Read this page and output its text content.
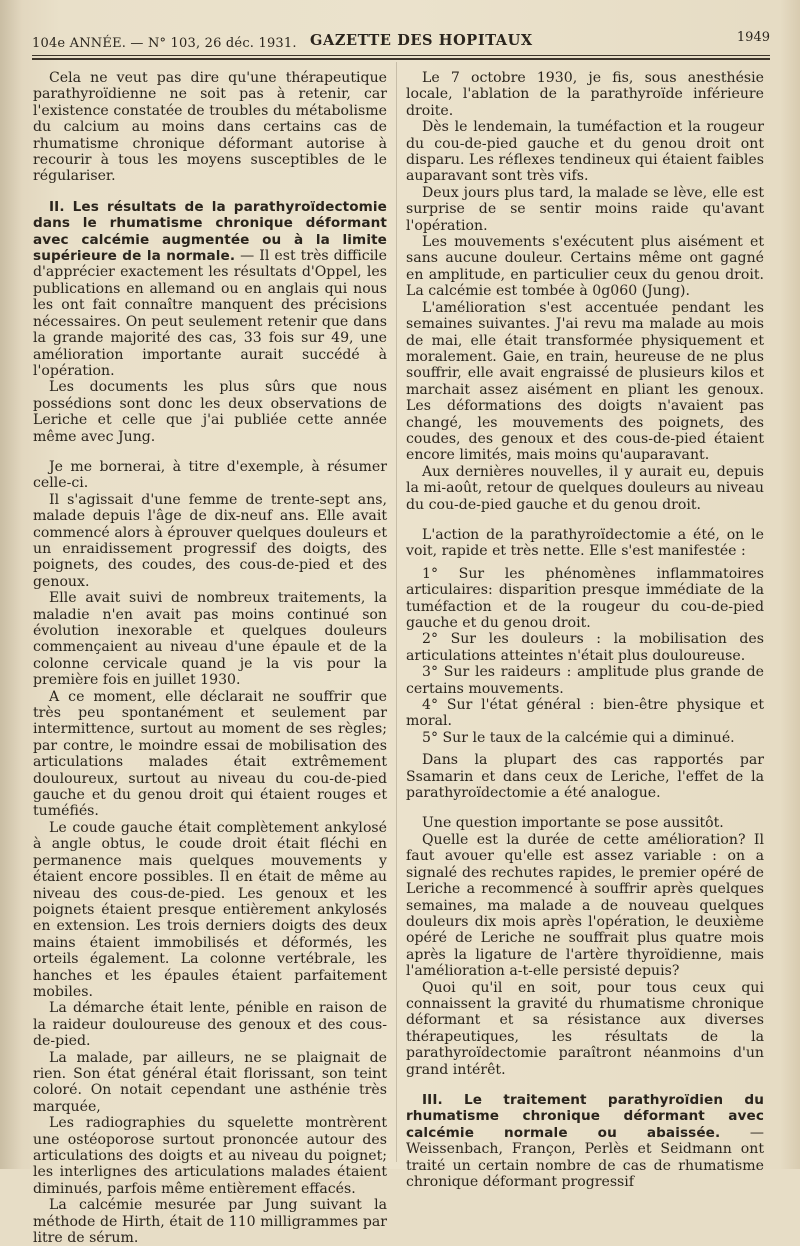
104e ANNÉE. — N° 103, 26 déc. 1931. GAZETTE DES HOPITAUX	1949

Cela ne veut pas dire qu'une thérapeutique parathyroïdienne ne soit pas à retenir, car l'existence constatée de troubles du métabolisme du calcium au moins dans certains cas de rhumatisme chronique déformant autorise à recourir à tous les moyens susceptibles de le régulariser.

II. Les résultats de la parathyroïdectomie dans le rhumatisme chronique déformant avec calcémie augmentée ou à la limite supérieure de la normale. — Il est très difficile d'apprécier exactement les résultats d'Oppel, les publications en allemand ou en anglais qui nous les ont fait connaître manquent des précisions nécessaires. On peut seulement retenir que dans la grande majorité des cas, 33 fois sur 49, une amélioration importante aurait succédé à l'opération.

Les documents les plus sûrs que nous possédions sont donc les deux observations de Leriche et celle que j'ai publiée cette année même avec Jung.

Je me bornerai, à titre d'exemple, à résumer celle-ci.

Il s'agissait d'une femme de trente-sept ans, malade depuis l'âge de dix-neuf ans. Elle avait commencé alors à éprouver quelques douleurs et un enraidissement progressif des doigts, des poignets, des coudes, des cous-de-pied et des genoux.

Elle avait suivi de nombreux traitements, la maladie n'en avait pas moins continué son évolution inexorable et quelques douleurs commençaient au niveau d'une épaule et de la colonne cervicale quand je la vis pour la première fois en juillet 1930.

A ce moment, elle déclarait ne souffrir que très peu spontanément et seulement par intermittence, surtout au moment de ses règles; par contre, le moindre essai de mobilisation des articulations malades était extrêmement douloureux, surtout au niveau du cou-de-pied gauche et du genou droit qui étaient rouges et tuméfiés.

Le coude gauche était complètement ankylosé à angle obtus, le coude droit était fléchi en permanence mais quelques mouvements y étaient encore possibles. Il en était de même au niveau des cous-de-pied. Les genoux et les poignets étaient presque entièrement ankylosés en extension. Les trois derniers doigts des deux mains étaient immobilisés et déformés, les orteils également. La colonne vertébrale, les hanches et les épaules étaient parfaitement mobiles.

La démarche était lente, pénible en raison de la raideur douloureuse des genoux et des cous-de-pied.

La malade, par ailleurs, ne se plaignait de rien. Son état général était florissant, son teint coloré. On notait cependant une asthénie très marquée,

Les radiographies du squelette montrèrent une ostéoporose surtout prononcée autour des articulations des doigts et au niveau du poignet; les interlignes des articulations malades étaient diminués, parfois même entièrement effacés.

La calcémie mesurée par Jung suivant la méthode de Hirth, était de 110 milligrammes par litre de sérum.

Le 7 octobre 1930, je fis, sous anesthésie locale, l'ablation de la parathyroïde inférieure droite.

Dès le lendemain, la tuméfaction et la rougeur du cou-de-pied gauche et du genou droit ont disparu. Les réflexes tendineux qui étaient faibles auparavant sont très vifs.

Deux jours plus tard, la malade se lève, elle est surprise de se sentir moins raide qu'avant l'opération.

Les mouvements s'exécutent plus aisément et sans aucune douleur. Certains même ont gagné en amplitude, en particulier ceux du genou droit. La calcémie est tombée à 0g060 (Jung).

L'amélioration s'est accentuée pendant les semaines suivantes. J'ai revu ma malade au mois de mai, elle était transformée physiquement et moralement. Gaie, en train, heureuse de ne plus souffrir, elle avait engraissé de plusieurs kilos et marchait assez aisément en pliant les genoux. Les déformations des doigts n'avaient pas changé, les mouvements des poignets, des coudes, des genoux et des cous-de-pied étaient encore limités, mais moins qu'auparavant.

Aux dernières nouvelles, il y aurait eu, depuis la mi-août, retour de quelques douleurs au niveau du cou-de-pied gauche et du genou droit.

L'action de la parathyroïdectomie a été, on le voit, rapide et très nette. Elle s'est manifestée :

1° Sur les phénomènes inflammatoires articulaires: disparition presque immédiate de la tuméfaction et de la rougeur du cou-de-pied gauche et du genou droit.

2° Sur les douleurs : la mobilisation des articulations atteintes n'était plus douloureuse.

3° Sur les raideurs : amplitude plus grande de certains mouvements.

4° Sur l'état général : bien-être physique et moral.

5° Sur le taux de la calcémie qui a diminué.

Dans la plupart des cas rapportés par Ssamarin et dans ceux de Leriche, l'effet de la parathyroïdectomie a été analogue.

Une question importante se pose aussitôt.

Quelle est la durée de cette amélioration? Il faut avouer qu'elle est assez variable : on a signalé des rechutes rapides, le premier opéré de Leriche a recommencé à souffrir après quelques semaines, ma malade a de nouveau quelques douleurs dix mois après l'opération, le deuxième opéré de Leriche ne souffrait plus quatre mois après la ligature de l'artère thyroïdienne, mais l'amélioration a-t-elle persisté depuis?

Quoi qu'il en soit, pour tous ceux qui connaissent la gravité du rhumatisme chronique déformant et sa résistance aux diverses thérapeutiques, les résultats de la parathyroïdectomie paraîtront néanmoins d'un grand intérêt.

III. Le traitement parathyroïdien du rhumatisme chronique déformant avec calcémie normale ou abaissée. — Weissenbach, Françon, Perlès et Seidmann ont traité un certain nombre de cas de rhumatisme chronique déformant progressif
